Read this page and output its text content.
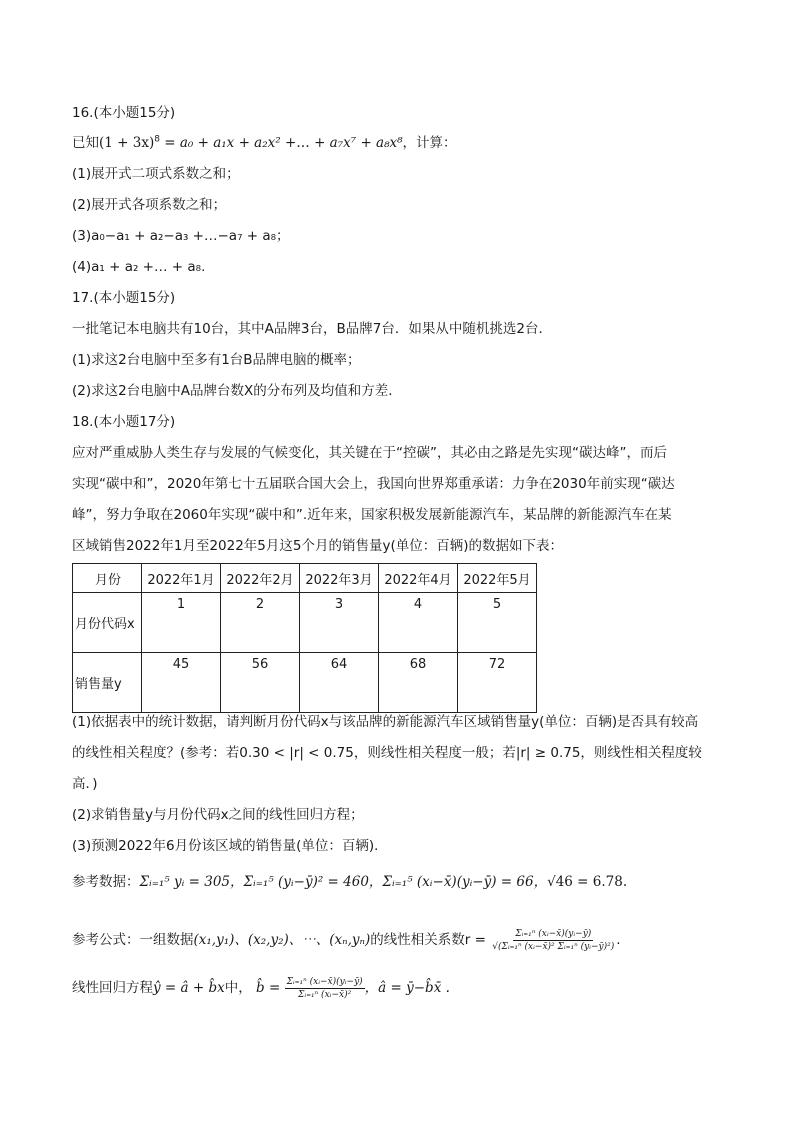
16.(本小题15分)
已知$(1 + 3x)^8 = a_0 + a_1x + a_2x^2$ +… + a₇x⁷ + a₈x⁸，计算：
(1)展开式二项式系数之和；
(2)展开式各项系数之和；
(3)a₀−a₁ + a₂−a₃ +…−a₇ + a₈；
(4)a₁ + a₂ +… + a₈.
17.(本小题15分)
一批笔记本电脑共有10台，其中A品牌3台，B品牌7台．如果从中随机挑选2台．
(1)求这2台电脑中至多有1台B品牌电脑的概率；
(2)求这2台电脑中A品牌台数X的分布列及均值和方差．
18.(本小题17分)
应对严重威胁人类生存与发展的气候变化，其关键在于“控碳”，其必由之路是先实现“碳达峰”，而后
实现“碳中和”，2020年第七十五届联合国大会上，我国向世界郑重承诺：力争在2030年前实现“碳达
峰”，努力争取在2060年实现“碳中和”.近年来，国家积极发展新能源汽车，某品牌的新能源汽车在某
区域销售2022年1月至2022年5月这5个月的销售量y(单位：百辆)的数据如下表：
月份	2022年1月	2022年2月	2022年3月	2022年4月	2022年5月
月份代码x	1	2	3	4	5
销售量y	45	56	64	68	72
(1)依据表中的统计数据，请判断月份代码x与该品牌的新能源汽车区域销售量y(单位：百辆)是否具有较高
的线性相关程度？(参考：若0.30 < |r| < 0.75，则线性相关程度一般；若|r| ≥ 0.75，则线性相关程度较
高．)
(2)求销售量y与月份代码x之间的线性回归方程；
(3)预测2022年6月份该区域的销售量(单位：百辆)．
参考数据：Σᵢ₌₁⁵ yᵢ = 305，Σᵢ₌₁⁵ (yᵢ−ȳ)² = 460，Σᵢ₌₁⁵ (xᵢ−x̄)(yᵢ−ȳ) = 66，√46 = 6.78.
参考公式：一组数据(x₁,y₁)、(x₂,y₂)、⋯、(xₙ,yₙ)的线性相关系数$r = \frac{\text{Σᵢ₌₁ⁿ (xᵢ−x̄)(yᵢ−ȳ)}}{\text{√(Σᵢ₌₁ⁿ (xᵢ−x̄)² Σᵢ₌₁ⁿ (yᵢ−ȳ)²)}}$ .
线性回归方程ŷ = â + b̂x中， b̂ = $\frac{\text{Σᵢ₌₁ⁿ (xᵢ−x̄)(yᵢ−ȳ)}}{\text{Σᵢ₌₁ⁿ (xᵢ−x̄)²}}$ ，â = ȳ−b̂x̄ .
